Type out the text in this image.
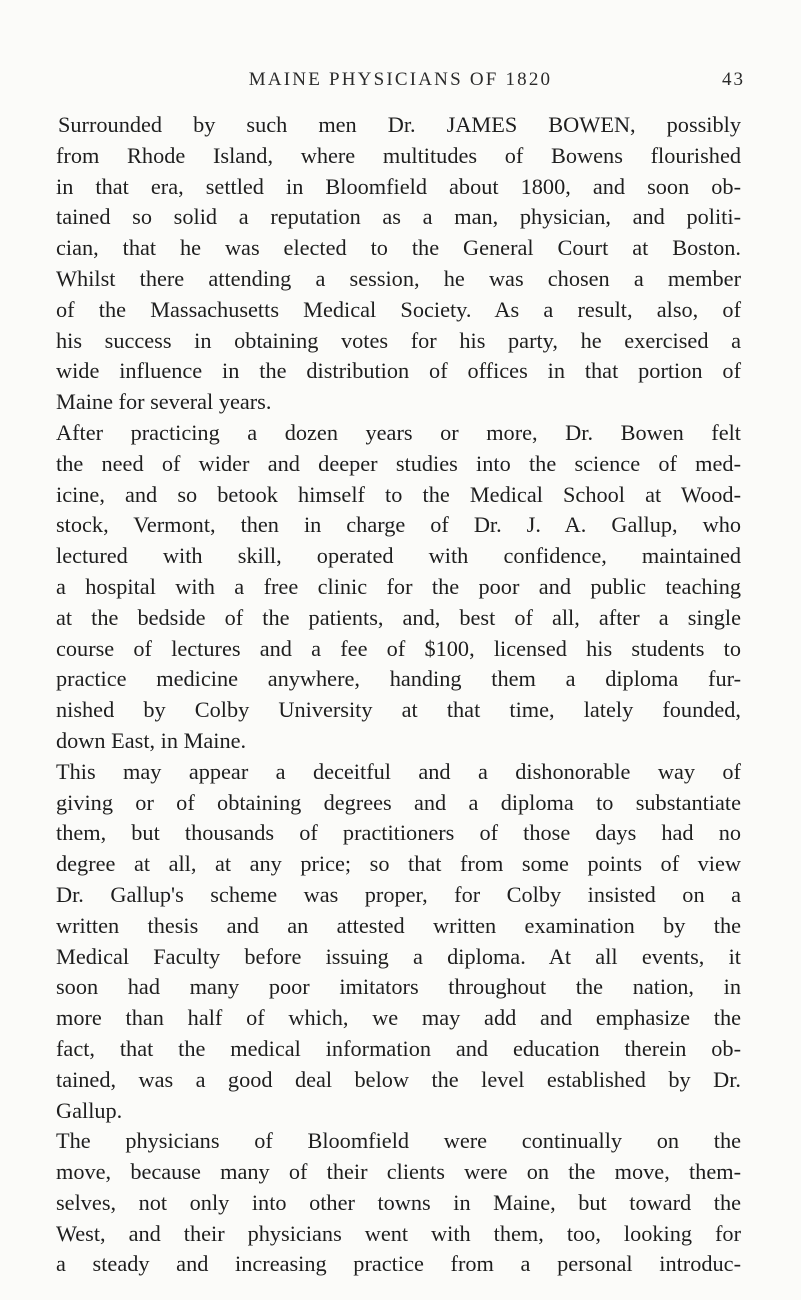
MAINE PHYSICIANS OF 1820	43
Surrounded by such men Dr. JAMES BOWEN, possibly
from Rhode Island, where multitudes of Bowens flourished
in that era, settled in Bloomfield about 1800, and soon ob-
tained so solid a reputation as a man, physician, and politi-
cian, that he was elected to the General Court at Boston.
Whilst there attending a session, he was chosen a member
of the Massachusetts Medical Society. As a result, also, of
his success in obtaining votes for his party, he exercised a
wide influence in the distribution of offices in that portion of
Maine for several years.
After practicing a dozen years or more, Dr. Bowen felt
the need of wider and deeper studies into the science of med-
icine, and so betook himself to the Medical School at Wood-
stock, Vermont, then in charge of Dr. J. A. Gallup, who
lectured with skill, operated with confidence, maintained
a hospital with a free clinic for the poor and public teaching
at the bedside of the patients, and, best of all, after a single
course of lectures and a fee of $100, licensed his students to
practice medicine anywhere, handing them a diploma fur-
nished by Colby University at that time, lately founded,
down East, in Maine.
This may appear a deceitful and a dishonorable way of
giving or of obtaining degrees and a diploma to substantiate
them, but thousands of practitioners of those days had no
degree at all, at any price; so that from some points of view
Dr. Gallup's scheme was proper, for Colby insisted on a
written thesis and an attested written examination by the
Medical Faculty before issuing a diploma. At all events, it
soon had many poor imitators throughout the nation, in
more than half of which, we may add and emphasize the
fact, that the medical information and education therein ob-
tained, was a good deal below the level established by Dr.
Gallup.
The physicians of Bloomfield were continually on the
move, because many of their clients were on the move, them-
selves, not only into other towns in Maine, but toward the
West, and their physicians went with them, too, looking for
a steady and increasing practice from a personal introduc-
